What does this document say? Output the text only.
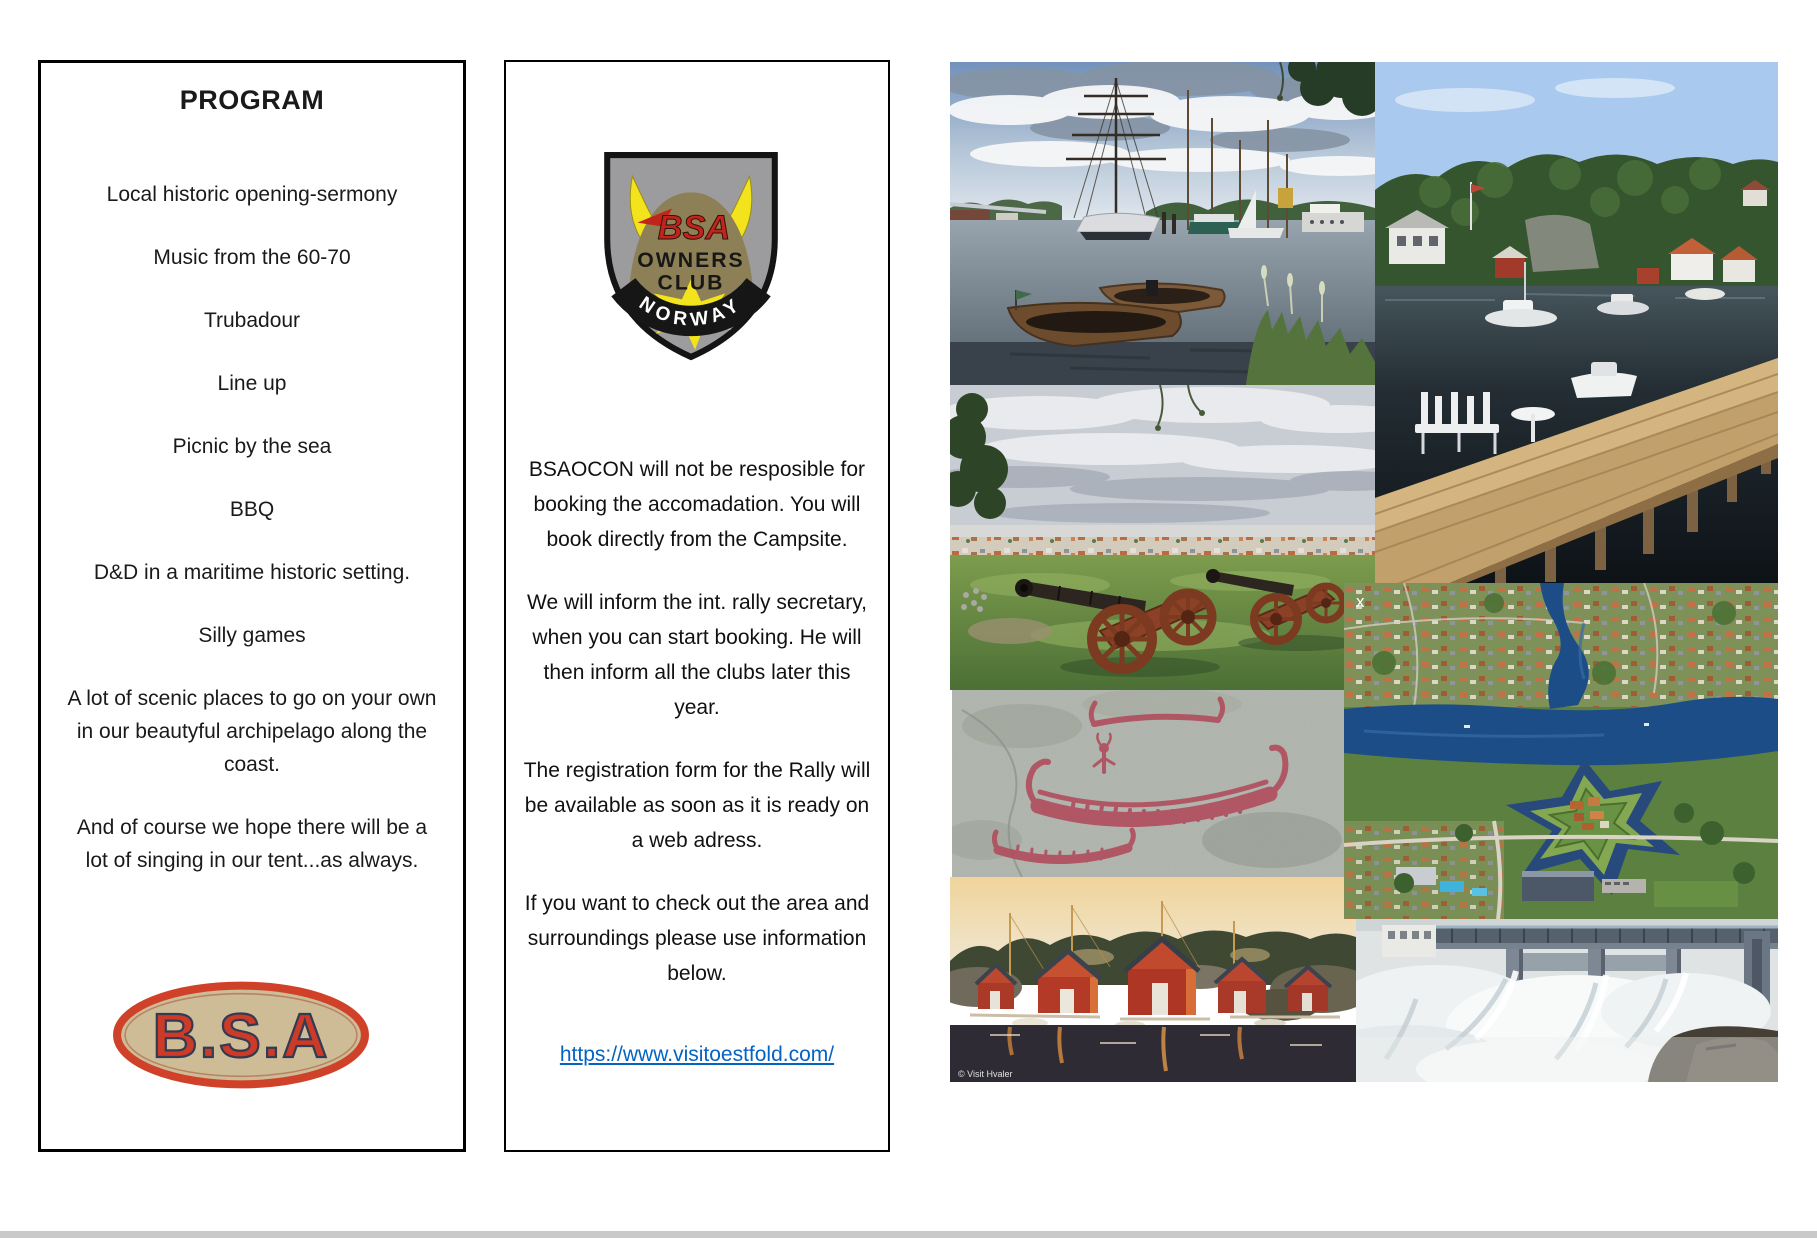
PROGRAM

Local historic opening-sermony

Music from the 60-70

Trubadour

Line up

Picnic by the sea

BBQ

D&D in a maritime historic setting.

Silly games

A lot of scenic places to go on your own in our beautyful archipelago along the coast.

And of course we hope there will be a lot of singing in our tent...as always.

B.S.A
NORWAY
BSA
OWNERS
CLUB

BSAOCON will not be resposible for booking the accomadation. You will book directly from the Campsite.

We will inform the int. rally secretary, when you can start booking. He will then inform all the clubs later this year.

The registration form for the Rally will be available as soon as it is ready on a web adress.

If you want to check out the area and surroundings please use information below.

https://www.visitoestfold.com/
© Visit Hvaler
x
